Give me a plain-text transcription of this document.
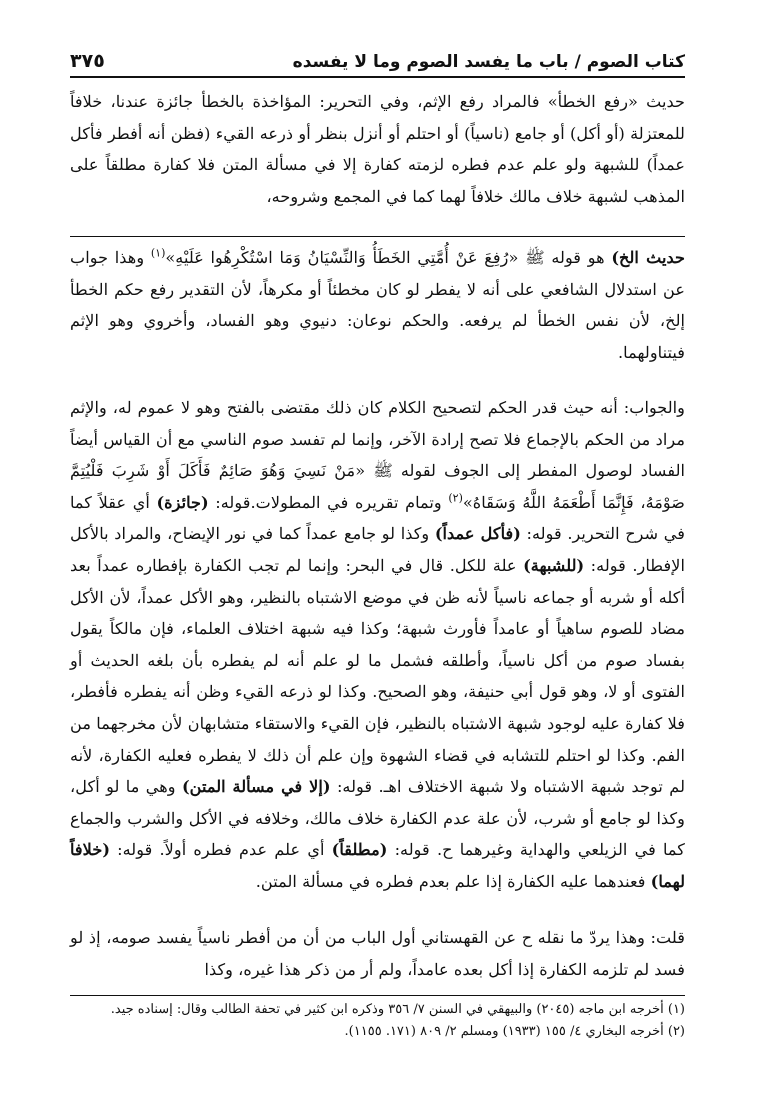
كتاب الصوم / باب ما يفسد الصوم وما لا يفسده
٣٧٥

حديث «رفع الخطأ» فالمراد رفع الإثم، وفي التحرير: المؤاخذة بالخطأ جائزة عندنا، خلافاً للمعتزلة (أو أكل) أو جامع (ناسياً) أو احتلم أو أنزل بنظر أو ذرعه القيء (فظن أنه أفطر فأكل عمداً) للشبهة ولو علم عدم فطره لزمته كفارة إلا في مسألة المتن فلا كفارة مطلقاً على المذهب لشبهة خلاف مالك خلافاً لهما كما في المجمع وشروحه،

حديث الخ) هو قوله ﷺ «رُفِعَ عَنْ أُمَّتِي الخَطَأُ وَالنِّسْيَانُ وَمَا اسْتُكْرِهُوا عَلَيْهِ»$^{(١)}$ وهذا جواب عن استدلال الشافعي على أنه لا يفطر لو كان مخطئاً أو مكرهاً، لأن التقدير رفع حكم الخطأ إلخ، لأن نفس الخطأ لم يرفعه. والحكم نوعان: دنيوي وهو الفساد، وأخروي وهو الإثم فيتناولهما.

والجواب: أنه حيث قدر الحكم لتصحيح الكلام كان ذلك مقتضى بالفتح وهو لا عموم له، والإثم مراد من الحكم بالإجماع فلا تصح إرادة الآخر، وإنما لم تفسد صوم الناسي مع أن القياس أيضاً الفساد لوصول المفطر إلى الجوف لقوله ﷺ «مَنْ نَسِيَ وَهُوَ صَائِمٌ فَأَكَلَ أَوْ شَرِبَ فَلْيُتِمَّ صَوْمَهُ، فَإِنَّمَا أَطْعَمَهُ اللَّهُ وَسَقَاهُ»$^{(٢)}$ وتمام تقريره في المطولات.قوله: (جائزة) أي عقلاً كما في شرح التحرير. قوله: (فأكل عمداً) وكذا لو جامع عمداً كما في نور الإيضاح، والمراد بالأكل الإفطار. قوله: (للشبهة) علة للكل. قال في البحر: وإنما لم تجب الكفارة بإفطاره عمداً بعد أكله أو شربه أو جماعه ناسياً لأنه ظن في موضع الاشتباه بالنظير، وهو الأكل عمداً، لأن الأكل مضاد للصوم ساهياً أو عامداً فأورث شبهة؛ وكذا فيه شبهة اختلاف العلماء، فإن مالكاً يقول بفساد صوم من أكل ناسياً، وأطلقه فشمل ما لو علم أنه لم يفطره بأن بلغه الحديث أو الفتوى أو لا، وهو قول أبي حنيفة، وهو الصحيح. وكذا لو ذرعه القيء وظن أنه يفطره فأفطر، فلا كفارة عليه لوجود شبهة الاشتباه بالنظير، فإن القيء والاستقاء متشابهان لأن مخرجهما من الفم. وكذا لو احتلم للتشابه في قضاء الشهوة وإن علم أن ذلك لا يفطره فعليه الكفارة، لأنه لم توجد شبهة الاشتباه ولا شبهة الاختلاف اهـ. قوله: (إلا في مسألة المتن) وهي ما لو أكل، وكذا لو جامع أو شرب، لأن علة عدم الكفارة خلاف مالك، وخلافه في الأكل والشرب والجماع كما في الزيلعي والهداية وغيرهما ح. قوله: (مطلقاً) أي علم عدم فطره أولاً. قوله: (خلافاً لهما) فعندهما عليه الكفارة إذا علم بعدم فطره في مسألة المتن.

قلت: وهذا يردّ ما نقله ح عن القهستاني أول الباب من أن من أفطر ناسياً يفسد صومه، إذ لو فسد لم تلزمه الكفارة إذا أكل بعده عامداً، ولم أر من ذكر هذا غيره، وكذا

(١) أخرجه ابن ماجه (٢٠٤٥) والبيهقي في السنن ٧/ ٣٥٦ وذكره ابن كثير في تحفة الطالب وقال: إسناده جيد.

(٢) أخرجه البخاري ٤/ ١٥٥ (١٩٣٣) ومسلم ٢/ ٨٠٩ (١٧١. ١١٥٥).
